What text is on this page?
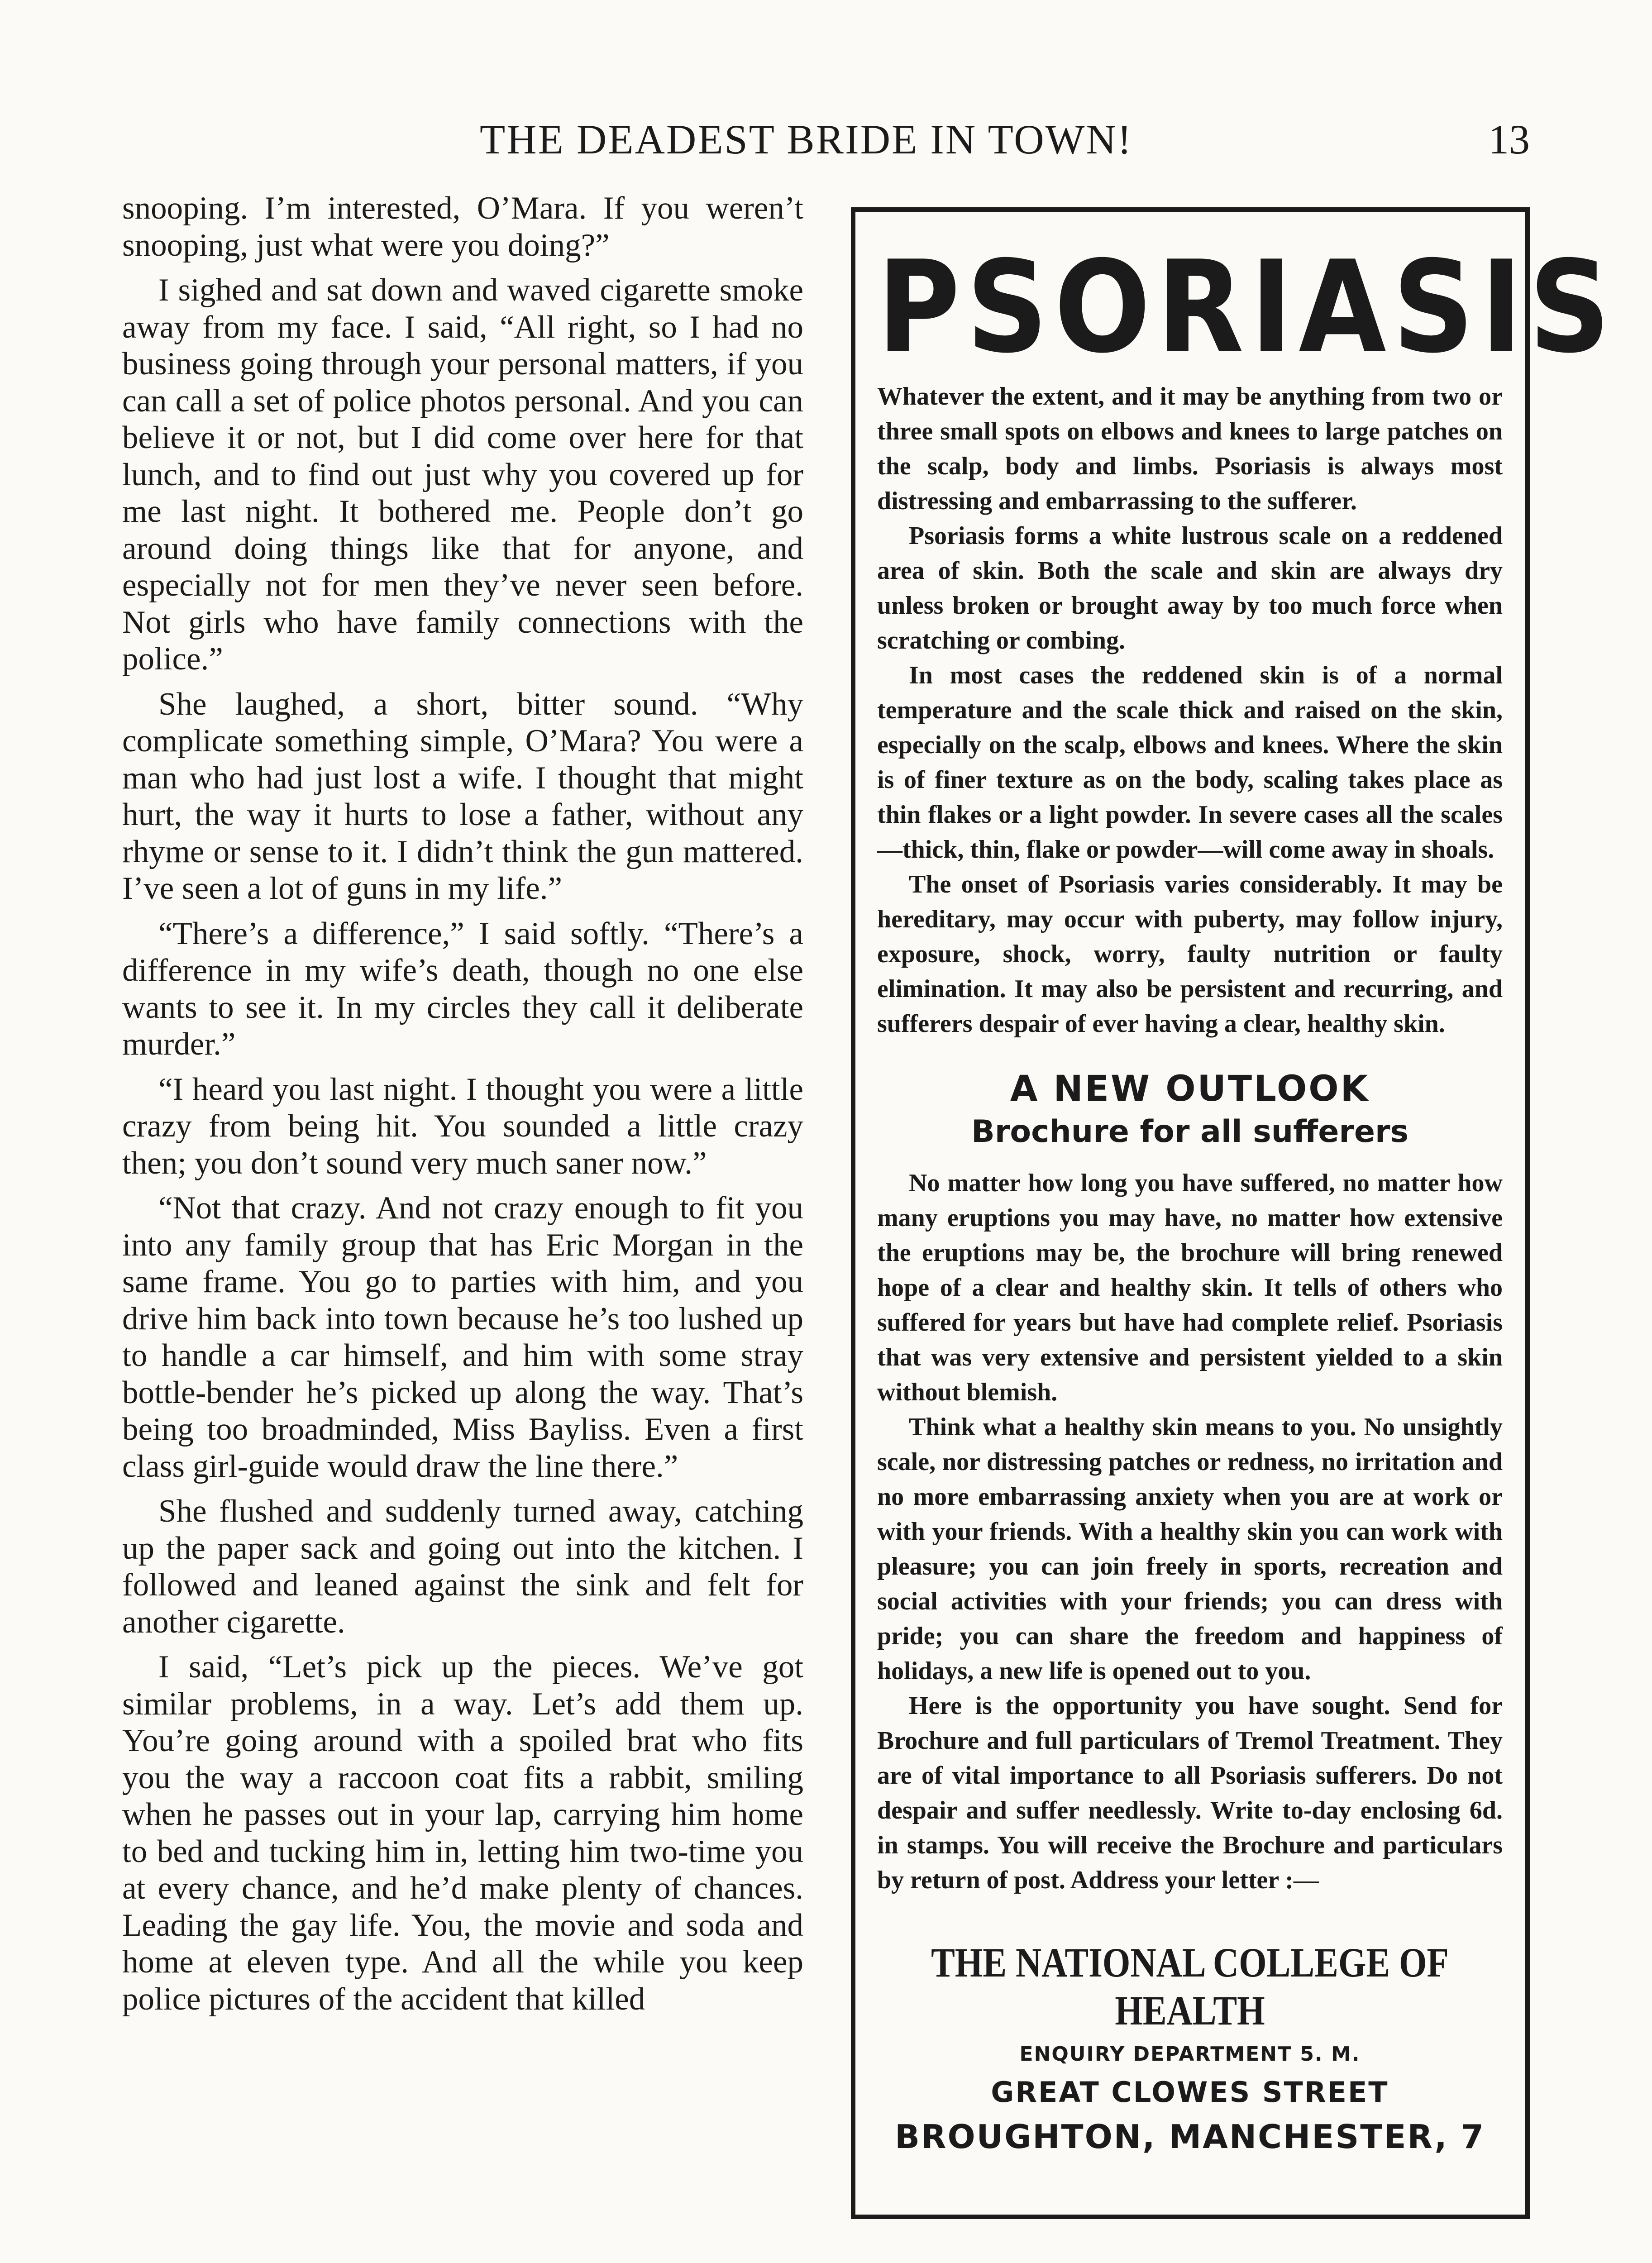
THE DEADEST BRIDE IN TOWN!	13

snooping. I’m interested, O’Mara. If you weren’t snooping, just what were you doing?”

I sighed and sat down and waved cigarette smoke away from my face. I said, “All right, so I had no business going through your personal matters, if you can call a set of police photos personal. And you can believe it or not, but I did come over here for that lunch, and to find out just why you covered up for me last night. It bothered me. People don’t go around doing things like that for anyone, and especially not for men they’ve never seen before. Not girls who have family connections with the police.”

She laughed, a short, bitter sound. “Why complicate something simple, O’Mara? You were a man who had just lost a wife. I thought that might hurt, the way it hurts to lose a father, without any rhyme or sense to it. I didn’t think the gun mattered. I’ve seen a lot of guns in my life.”

“There’s a difference,” I said softly. “There’s a difference in my wife’s death, though no one else wants to see it. In my circles they call it deliberate murder.”

“I heard you last night. I thought you were a little crazy from being hit. You sounded a little crazy then; you don’t sound very much saner now.”

“Not that crazy. And not crazy enough to fit you into any family group that has Eric Morgan in the same frame. You go to parties with him, and you drive him back into town because he’s too lushed up to handle a car himself, and him with some stray bottle-bender he’s picked up along the way. That’s being too broadminded, Miss Bayliss. Even a first class girl-guide would draw the line there.”

She flushed and suddenly turned away, catching up the paper sack and going out into the kitchen. I followed and leaned against the sink and felt for another cigarette.

I said, “Let’s pick up the pieces. We’ve got similar problems, in a way. Let’s add them up. You’re going around with a spoiled brat who fits you the way a raccoon coat fits a rabbit, smiling when he passes out in your lap, carrying him home to bed and tucking him in, letting him two-time you at every chance, and he’d make plenty of chances. Leading the gay life. You, the movie and soda and home at eleven type. And all the while you keep police pictures of the accident that killed

PSORIASIS

Whatever the extent, and it may be anything from two or three small spots on elbows and knees to large patches on the scalp, body and limbs. Psoriasis is always most distressing and embarrassing to the sufferer.

Psoriasis forms a white lustrous scale on a reddened area of skin. Both the scale and skin are always dry unless broken or brought away by too much force when scratching or combing.

In most cases the reddened skin is of a normal temperature and the scale thick and raised on the skin, especially on the scalp, elbows and knees. Where the skin is of finer texture as on the body, scaling takes place as thin flakes or a light powder. In severe cases all the scales—thick, thin, flake or powder—will come away in shoals.

The onset of Psoriasis varies considerably. It may be hereditary, may occur with puberty, may follow injury, exposure, shock, worry, faulty nutrition or faulty elimination. It may also be persistent and recurring, and sufferers despair of ever having a clear, healthy skin.

A NEW OUTLOOK
Brochure for all sufferers

No matter how long you have suffered, no matter how many eruptions you may have, no matter how extensive the eruptions may be, the brochure will bring renewed hope of a clear and healthy skin. It tells of others who suffered for years but have had complete relief. Psoriasis that was very extensive and persistent yielded to a skin without blemish.

Think what a healthy skin means to you. No unsightly scale, nor distressing patches or redness, no irritation and no more embarrassing anxiety when you are at work or with your friends. With a healthy skin you can work with pleasure; you can join freely in sports, recreation and social activities with your friends; you can dress with pride; you can share the freedom and happiness of holidays, a new life is opened out to you.

Here is the opportunity you have sought. Send for Brochure and full particulars of Tremol Treatment. They are of vital importance to all Psoriasis sufferers. Do not despair and suffer needlessly. Write to-day enclosing 6d. in stamps. You will receive the Brochure and particulars by return of post. Address your letter :—

THE NATIONAL COLLEGE OF HEALTH
ENQUIRY DEPARTMENT 5. M.
GREAT CLOWES STREET
BROUGHTON, MANCHESTER, 7
